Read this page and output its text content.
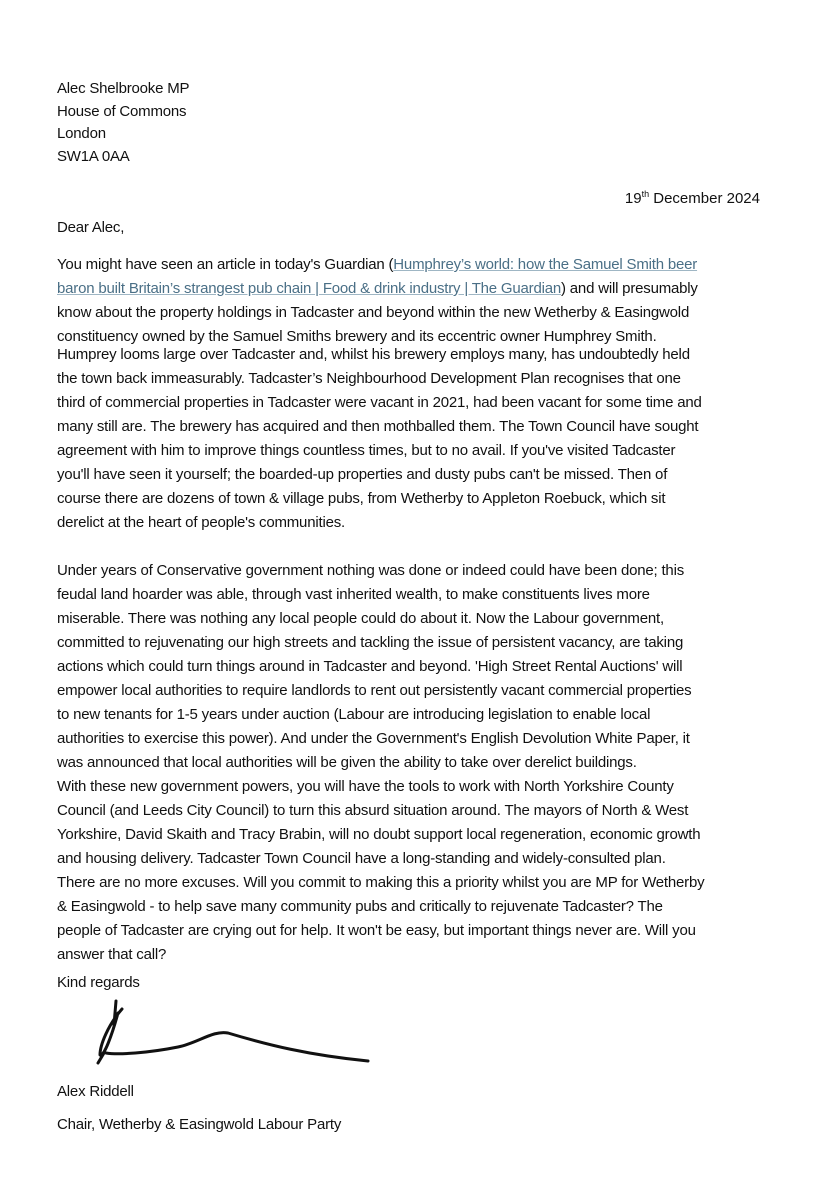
Alec Shelbrooke MP
House of Commons
London
SW1A 0AA
19th December 2024
Dear Alec,
You might have seen an article in today's Guardian (Humphrey’s world: how the Samuel Smith beer
baron built Britain’s strangest pub chain | Food & drink industry | The Guardian) and will presumably
know about the property holdings in Tadcaster and beyond within the new Wetherby & Easingwold
constituency owned by the Samuel Smiths brewery and its eccentric owner Humphrey Smith.
Humprey looms large over Tadcaster and, whilst his brewery employs many, has undoubtedly held
the town back immeasurably. Tadcaster’s Neighbourhood Development Plan recognises that one
third of commercial properties in Tadcaster were vacant in 2021, had been vacant for some time and
many still are. The brewery has acquired and then mothballed them. The Town Council have sought
agreement with him to improve things countless times, but to no avail. If you've visited Tadcaster
you'll have seen it yourself; the boarded-up properties and dusty pubs can't be missed. Then of
course there are dozens of town & village pubs, from Wetherby to Appleton Roebuck, which sit
derelict at the heart of people's communities.
Under years of Conservative government nothing was done or indeed could have been done; this
feudal land hoarder was able, through vast inherited wealth, to make constituents lives more
miserable. There was nothing any local people could do about it. Now the Labour government,
committed to rejuvenating our high streets and tackling the issue of persistent vacancy, are taking
actions which could turn things around in Tadcaster and beyond. 'High Street Rental Auctions' will
empower local authorities to require landlords to rent out persistently vacant commercial properties
to new tenants for 1-5 years under auction (Labour are introducing legislation to enable local
authorities to exercise this power). And under the Government's English Devolution White Paper, it
was announced that local authorities will be given the ability to take over derelict buildings.
With these new government powers, you will have the tools to work with North Yorkshire County
Council (and Leeds City Council) to turn this absurd situation around. The mayors of North & West
Yorkshire, David Skaith and Tracy Brabin, will no doubt support local regeneration, economic growth
and housing delivery. Tadcaster Town Council have a long-standing and widely-consulted plan.
There are no more excuses. Will you commit to making this a priority whilst you are MP for Wetherby
& Easingwold - to help save many community pubs and critically to rejuvenate Tadcaster? The
people of Tadcaster are crying out for help. It won't be easy, but important things never are. Will you
answer that call?
Kind regards
Alex Riddell
Chair, Wetherby & Easingwold Labour Party
